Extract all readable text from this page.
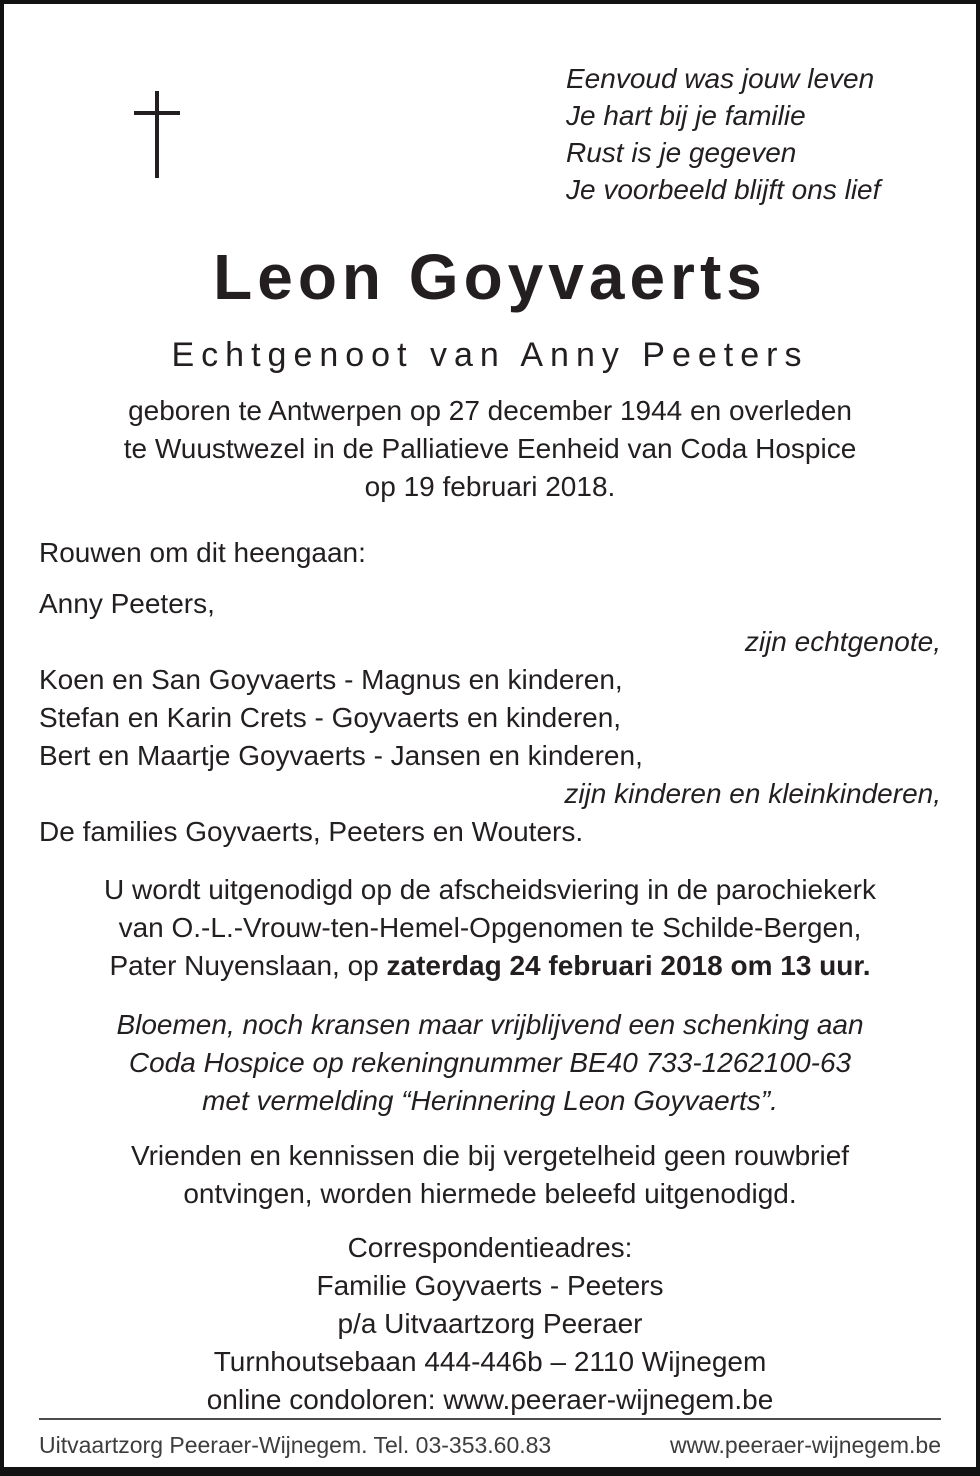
Eenvoud was jouw leven
Je hart bij je familie
Rust is je gegeven
Je voorbeeld blijft ons lief
Leon Goyvaerts
Echtgenoot van Anny Peeters
geboren te Antwerpen op 27 december 1944 en overleden
te Wuustwezel in de Palliatieve Eenheid van Coda Hospice
op 19 februari 2018.
Rouwen om dit heengaan:
Anny Peeters,
zijn echtgenote,
Koen en San Goyvaerts - Magnus en kinderen,
Stefan en Karin Crets - Goyvaerts en kinderen,
Bert en Maartje Goyvaerts - Jansen en kinderen,
zijn kinderen en kleinkinderen,
De families Goyvaerts, Peeters en Wouters.
U wordt uitgenodigd op de afscheidsviering in de parochiekerk
van O.-L.-Vrouw-ten-Hemel-Opgenomen te Schilde-Bergen,
Pater Nuyenslaan, op zaterdag 24 februari 2018 om 13 uur.
Bloemen, noch kransen maar vrijblijvend een schenking aan
Coda Hospice op rekeningnummer BE40 733-1262100-63
met vermelding “Herinnering Leon Goyvaerts”.
Vrienden en kennissen die bij vergetelheid geen rouwbrief
ontvingen, worden hiermede beleefd uitgenodigd.
Correspondentieadres:
Familie Goyvaerts - Peeters
p/a Uitvaartzorg Peeraer
Turnhoutsebaan 444-446b – 2110 Wijnegem
online condoloren: www.peeraer-wijnegem.be
Uitvaartzorg Peeraer-Wijnegem. Tel. 03-353.60.83	www.peeraer-wijnegem.be
